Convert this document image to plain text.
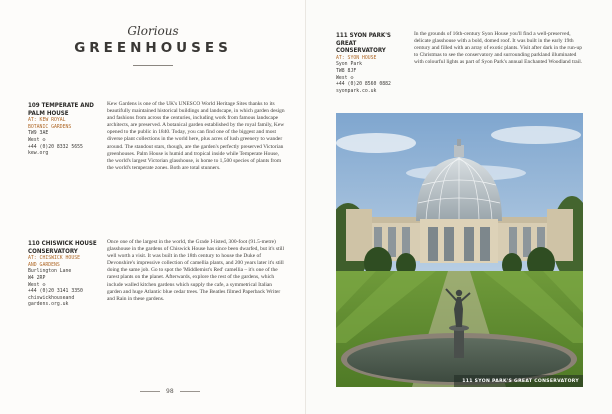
Glorious
GREENHOUSES
109 TEMPERATE AND
PALM HOUSE
AT: KEW ROYAL
BOTANIC GARDENS
TW9 3AE
West ⊖
+44 (0)20 8332 5655
kew.org
Kew Gardens is one of the UK's UNESCO World Heritage Sites thanks to its beautifully maintained historical buildings and landscape, in which garden design and fashions from across the centuries, including work from famous landscape architects, are preserved. A botanical garden established by the royal family, Kew opened to the public in 1840. Today, you can find one of the biggest and most diverse plant collections in the world here, plus acres of lush greenery to wander around. The standout stars, though, are the garden's perfectly preserved Victorian greenhouses. Palm House is humid and tropical inside while Temperate House, the world's largest Victorian glasshouse, is home to 1,500 species of plants from the world's temperate zones. Both are total stunners.
110 CHISWICK HOUSE
CONSERVATORY
AT: CHISWICK HOUSE
AND GARDENS
Burlington Lane
W4 2RP
West ⊖
+44 (0)20 3141 3350
chiswickhouseand
gardens.org.uk
Once one of the largest in the world, the Grade I-listed, 300-foot (91.5-metre) glasshouse in the gardens of Chiswick House has since been dwarfed, but it's still well worth a visit. It was built in the 18th century to house the Duke of Devonshire's impressive collection of camellia plants, and 200 years later it's still doing the same job. Go to spot the 'Middlemist's Red' camellia – it's one of the rarest plants on the planet. Afterwards, explore the rest of the gardens, which include walled kitchen gardens which supply the cafe, a symmetrical Italian garden and huge Atlantic blue cedar trees. The Beatles filmed Paperback Writer and Rain in these gardens.
98
111 SYON PARK'S GREAT
CONSERVATORY
AT: SYON HOUSE
Syon Park
TW8 8JF
West ⊖
+44 (0)20 8560 0882
syonpark.co.uk
In the grounds of 16th-century Syon House you'll find a well-preserved, delicate glasshouse with a bold, domed roof. It was built in the early 19th century and filled with an array of exotic plants. Visit after dark in the run-up to Christmas to see the conservatory and surrounding parkland illuminated with colourful lights as part of Syon Park's annual Enchanted Woodland trail.
111 SYON PARK'S GREAT CONSERVATORY
